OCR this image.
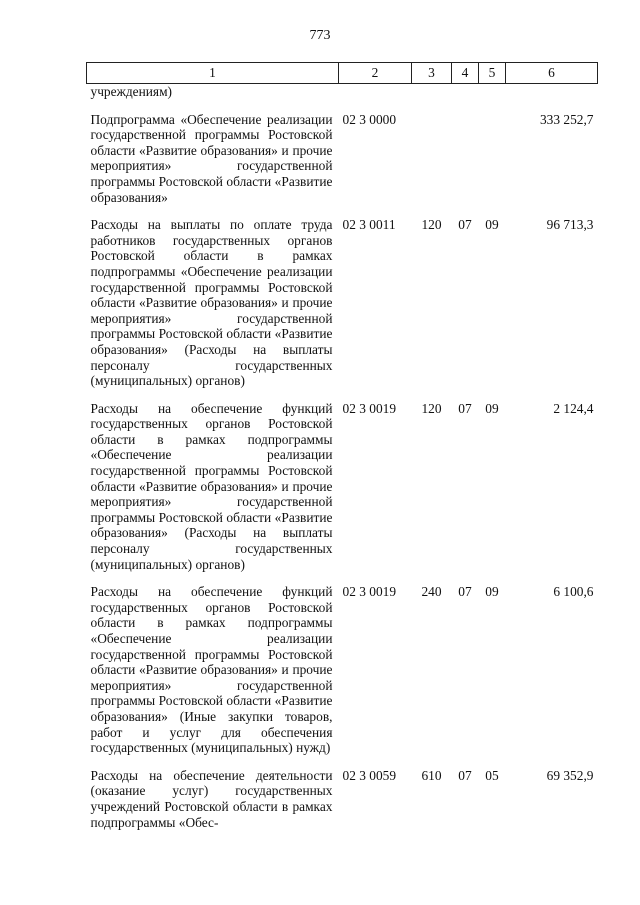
773
1	2	3	4	5	6
учреждениям)					
Подпрограмма «Обеспечение реализации государственной программы Ростовской области «Развитие образования» и прочие мероприятия» государственной программы Ростовской области «Развитие образования»	02 3 0000				333 252,7
Расходы на выплаты по оплате труда работников государственных органов Ростовской области в рамках подпрограммы «Обеспечение реализации государственной программы Ростовской области «Развитие образования» и прочие мероприятия» государственной программы Ростовской области «Развитие образования» (Расходы на выплаты персоналу государственных (муниципальных) органов)	02 3 0011	120	07	09	96 713,3
Расходы на обеспечение функций государственных органов Ростовской области в рамках подпрограммы «Обеспечение реализации государственной программы Ростовской области «Развитие образования» и прочие мероприятия» государственной программы Ростовской области «Развитие образования» (Расходы на выплаты персоналу государственных (муниципальных) органов)	02 3 0019	120	07	09	2 124,4
Расходы на обеспечение функций государственных органов Ростовской области в рамках подпрограммы «Обеспечение реализации государственной программы Ростовской области «Развитие образования» и прочие мероприятия» государственной программы Ростовской области «Развитие образования» (Иные закупки товаров, работ и услуг для обеспечения государственных (муниципальных) нужд)	02 3 0019	240	07	09	6 100,6
Расходы на обеспечение деятельности (оказание услуг) государственных учреждений Ростовской области в рамках подпрограммы «Обес-	02 3 0059	610	07	05	69 352,9
